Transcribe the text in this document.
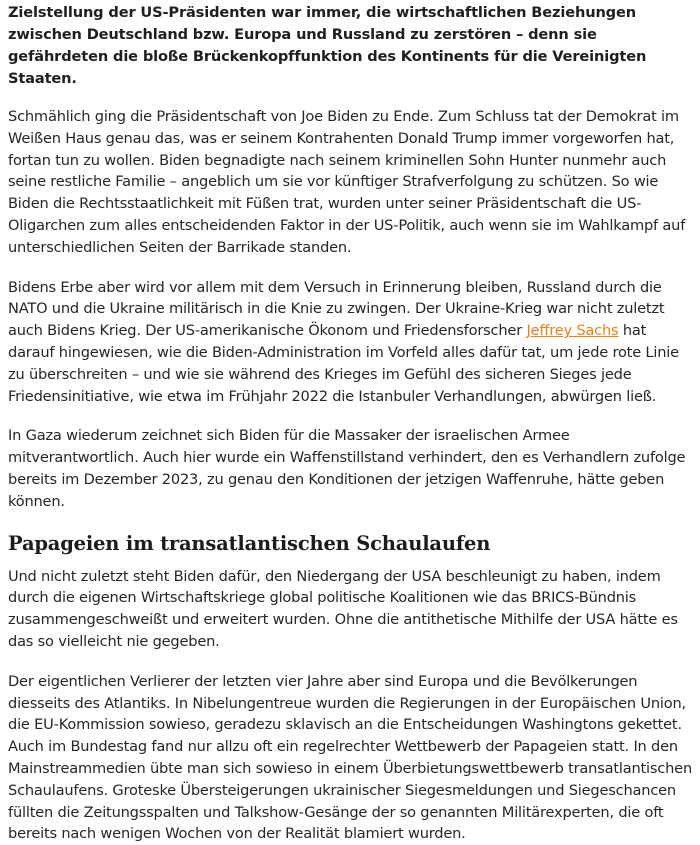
Zielstellung der US-Präsidenten war immer, die wirtschaftlichen Beziehungen zwischen Deutschland bzw. Europa und Russland zu zerstören – denn sie gefährdeten die bloße Brückenkopffunktion des Kontinents für die Vereinigten Staaten.

Schmählich ging die Präsidentschaft von Joe Biden zu Ende. Zum Schluss tat der Demokrat im Weißen Haus genau das, was er seinem Kontrahenten Donald Trump immer vorgeworfen hat, fortan tun zu wollen. Biden begnadigte nach seinem kriminellen Sohn Hunter nunmehr auch seine restliche Familie – angeblich um sie vor künftiger Strafverfolgung zu schützen. So wie Biden die Rechtsstaatlichkeit mit Füßen trat, wurden unter seiner Präsidentschaft die US-Oligarchen zum alles entscheidenden Faktor in der US-Politik, auch wenn sie im Wahlkampf auf unterschiedlichen Seiten der Barrikade standen.

Bidens Erbe aber wird vor allem mit dem Versuch in Erinnerung bleiben, Russland durch die NATO und die Ukraine militärisch in die Knie zu zwingen. Der Ukraine-Krieg war nicht zuletzt auch Bidens Krieg. Der US-amerikanische Ökonom und Friedensforscher Jeffrey Sachs hat darauf hingewiesen, wie die Biden-Administration im Vorfeld alles dafür tat, um jede rote Linie zu überschreiten – und wie sie während des Krieges im Gefühl des sicheren Sieges jede Friedensinitiative, wie etwa im Frühjahr 2022 die Istanbuler Verhandlungen, abwürgen ließ.

In Gaza wiederum zeichnet sich Biden für die Massaker der israelischen Armee mitverantwortlich. Auch hier wurde ein Waffenstillstand verhindert, den es Verhandlern zufolge bereits im Dezember 2023, zu genau den Konditionen der jetzigen Waffenruhe, hätte geben können.

Papageien im transatlantischen Schaulaufen

Und nicht zuletzt steht Biden dafür, den Niedergang der USA beschleunigt zu haben, indem durch die eigenen Wirtschaftskriege global politische Koalitionen wie das BRICS-Bündnis zusammengeschweißt und erweitert wurden. Ohne die antithetische Mithilfe der USA hätte es das so vielleicht nie gegeben.

Der eigentlichen Verlierer der letzten vier Jahre aber sind Europa und die Bevölkerungen diesseits des Atlantiks. In Nibelungentreue wurden die Regierungen in der Europäischen Union, die EU-Kommission sowieso, geradezu sklavisch an die Entscheidungen Washingtons gekettet. Auch im Bundestag fand nur allzu oft ein regelrechter Wettbewerb der Papageien statt. In den Mainstreammedien übte man sich sowieso in einem Überbietungswettbewerb transatlantischen Schaulaufens. Groteske Übersteigerungen ukrainischer Siegesmeldungen und Siegeschancen füllten die Zeitungsspalten und Talkshow-Gesänge der so genannten Militärexperten, die oft bereits nach wenigen Wochen von der Realität blamiert wurden.
